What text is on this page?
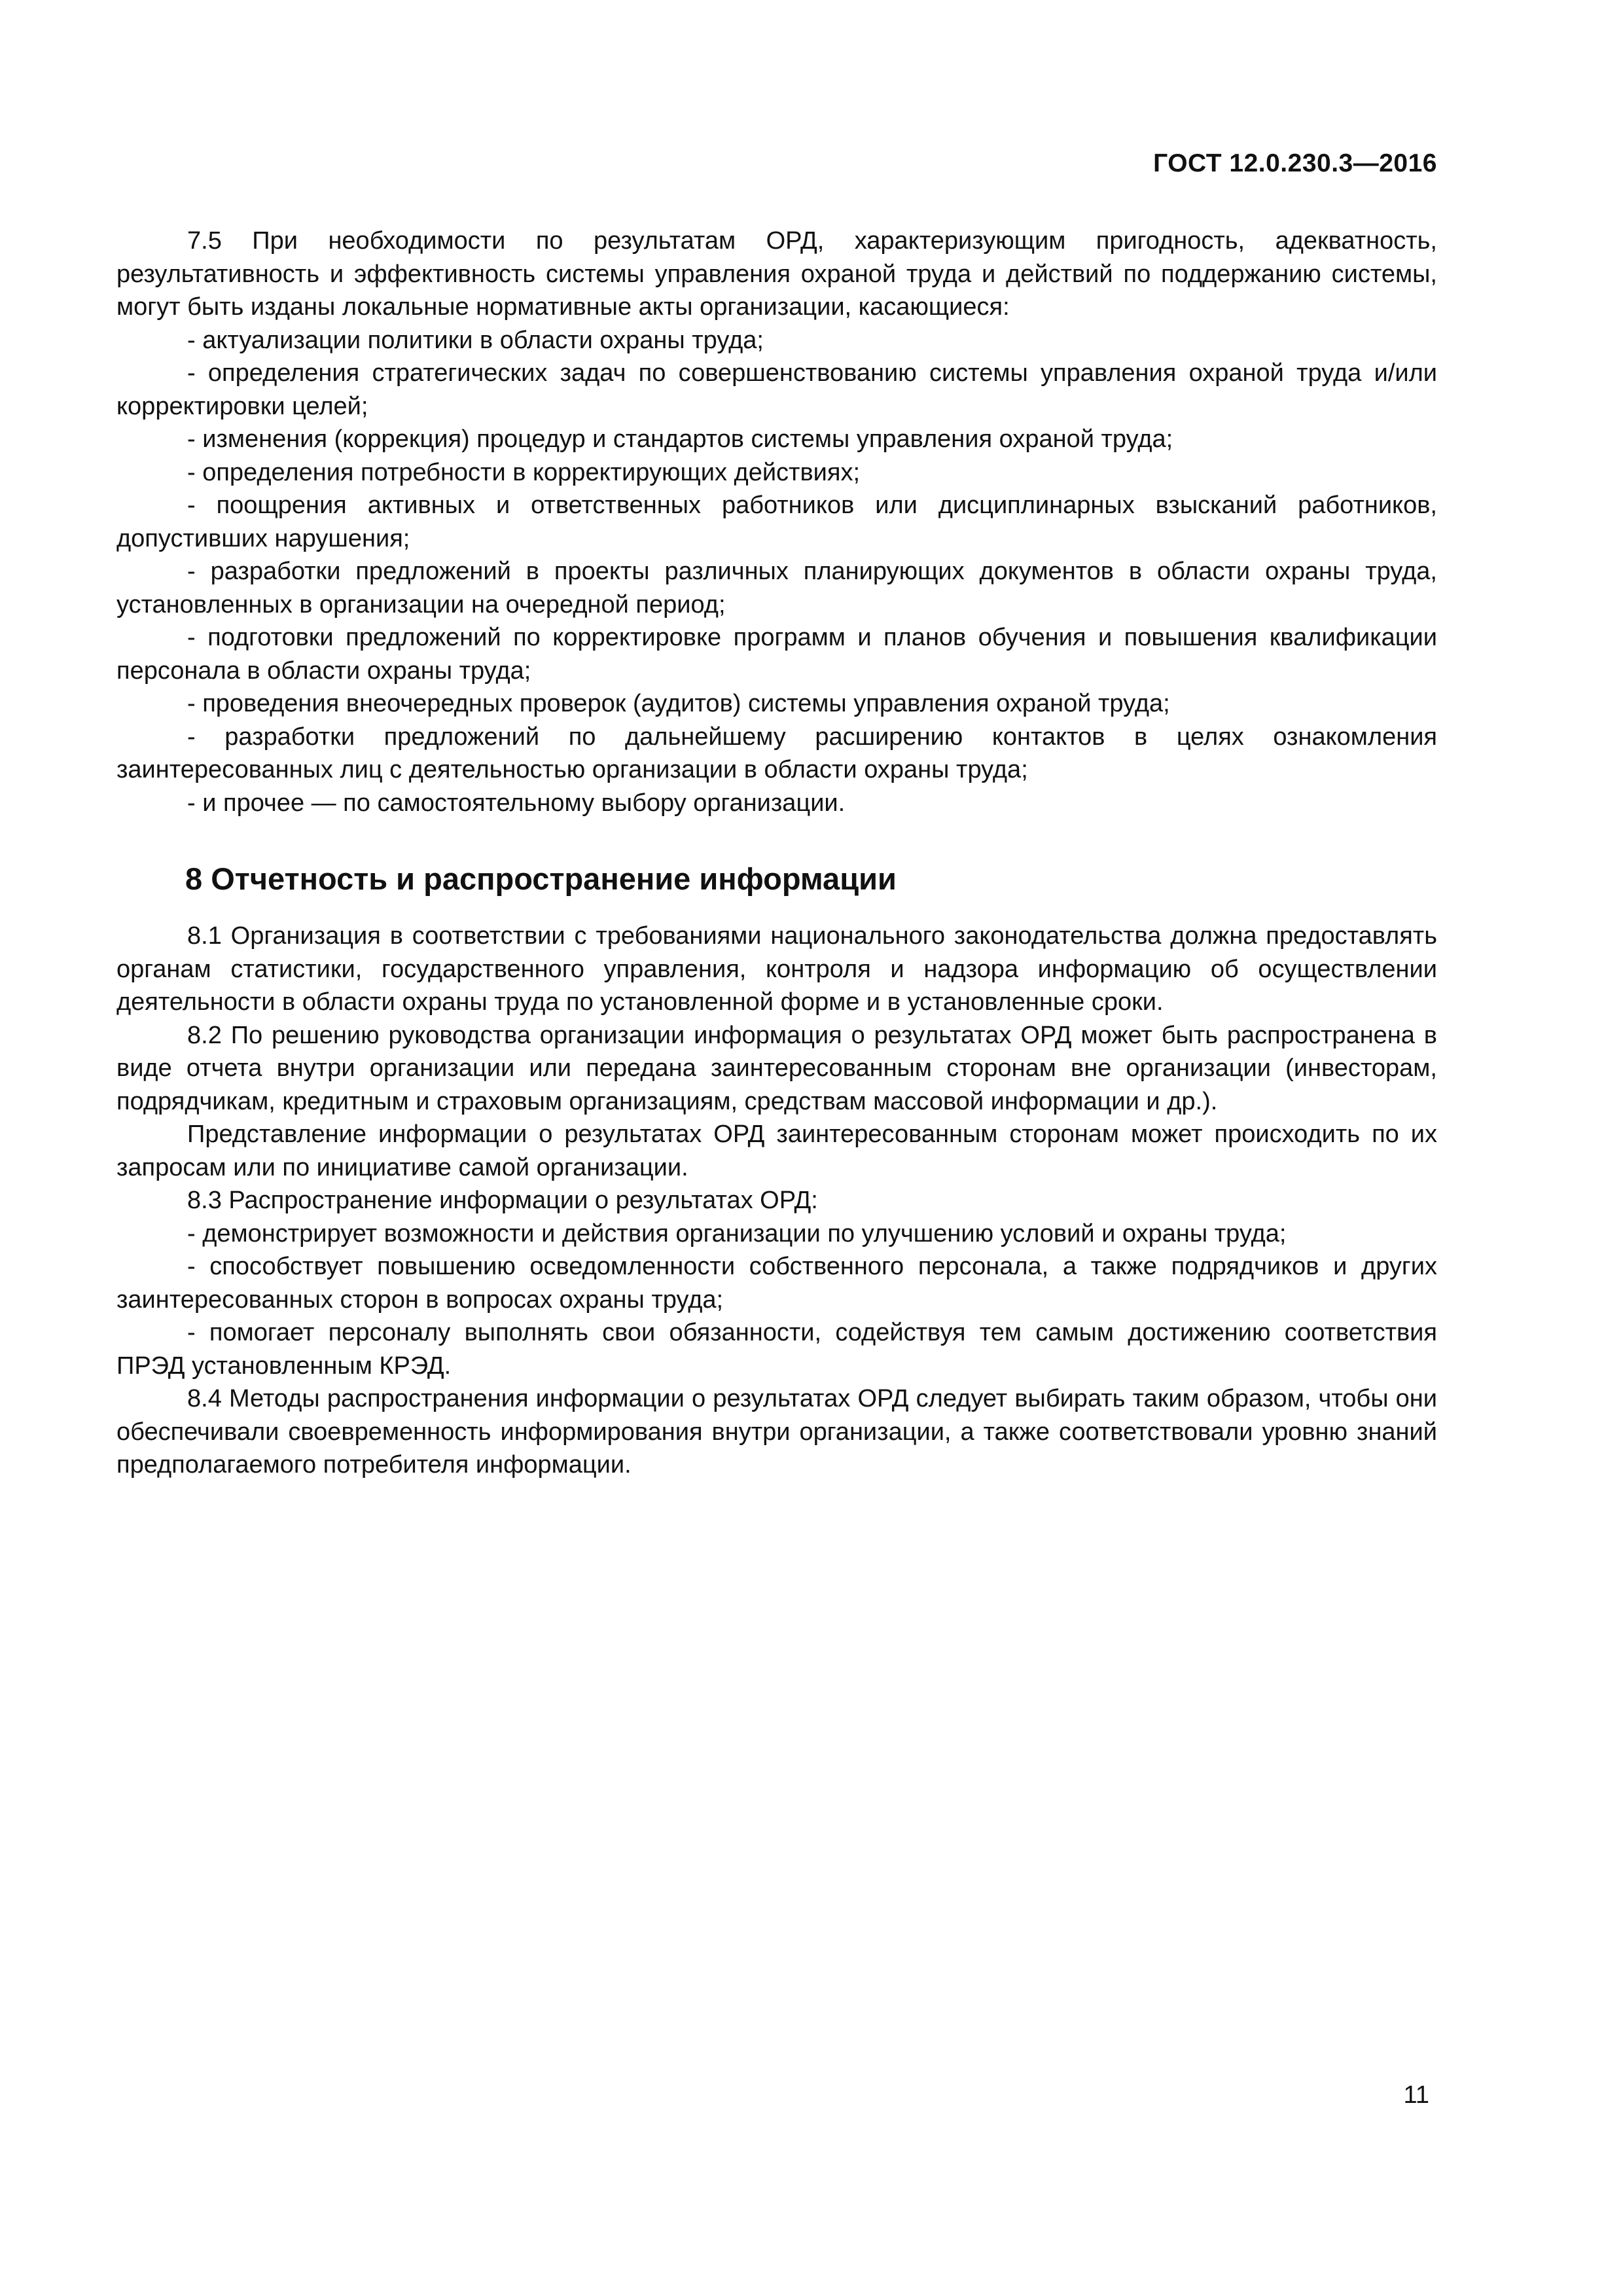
ГОСТ 12.0.230.3—2016

7.5 При необходимости по результатам ОРД, характеризующим пригодность, адекватность, результативность и эффективность системы управления охраной труда и действий по поддержанию системы, могут быть изданы локальные нормативные акты организации, касающиеся:

- актуализации политики в области охраны труда;

- определения стратегических задач по совершенствованию системы управления охраной труда и/или корректировки целей;

- изменения (коррекция) процедур и стандартов системы управления охраной труда;

- определения потребности в корректирующих действиях;

- поощрения активных и ответственных работников или дисциплинарных взысканий работников, допустивших нарушения;

- разработки предложений в проекты различных планирующих документов в области охраны труда, установленных в организации на очередной период;

- подготовки предложений по корректировке программ и планов обучения и повышения квалификации персонала в области охраны труда;

- проведения внеочередных проверок (аудитов) системы управления охраной труда;

- разработки предложений по дальнейшему расширению контактов в целях ознакомления заинтересованных лиц с деятельностью организации в области охраны труда;

- и прочее — по самостоятельному выбору организации.

8 Отчетность и распространение информации

8.1 Организация в соответствии с требованиями национального законодательства должна предоставлять органам статистики, государственного управления, контроля и надзора информацию об осуществлении деятельности в области охраны труда по установленной форме и в установленные сроки.

8.2 По решению руководства организации информация о результатах ОРД может быть распространена в виде отчета внутри организации или передана заинтересованным сторонам вне организации (инвесторам, подрядчикам, кредитным и страховым организациям, средствам массовой информации и др.).

Представление информации о результатах ОРД заинтересованным сторонам может происходить по их запросам или по инициативе самой организации.

8.3 Распространение информации о результатах ОРД:

- демонстрирует возможности и действия организации по улучшению условий и охраны труда;

- способствует повышению осведомленности собственного персонала, а также подрядчиков и других заинтересованных сторон в вопросах охраны труда;

- помогает персоналу выполнять свои обязанности, содействуя тем самым достижению соответствия ПРЭД установленным КРЭД.

8.4 Методы распространения информации о результатах ОРД следует выбирать таким образом, чтобы они обеспечивали своевременность информирования внутри организации, а также соответствовали уровню знаний предполагаемого потребителя информации.

11
